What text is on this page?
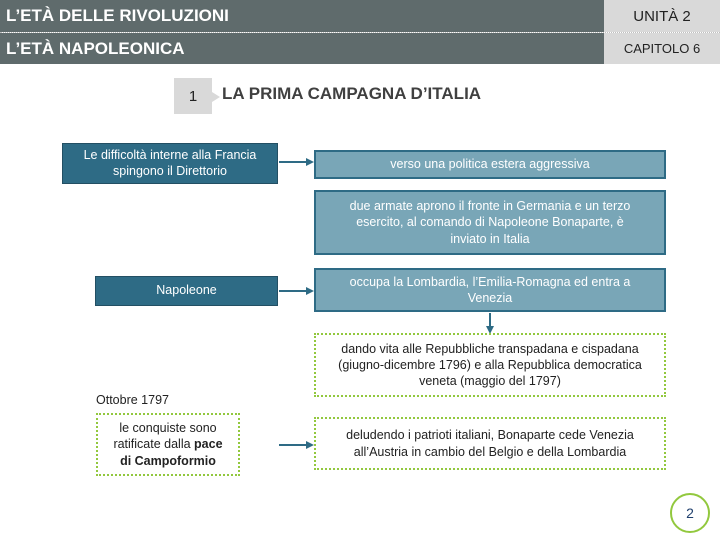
L’ETÀ DELLE RIVOLUZIONI	UNITÀ 2
L’ETÀ NAPOLEONICA	CAPITOLO 6
1 LA PRIMA CAMPAGNA D’ITALIA
Le difficoltà interne alla Francia spingono il Direttorio
Napoleone
Ottobre 1797
le conquiste sono ratificate dalla pace
di Campoformio
verso una politica estera aggressiva
due armate aprono il fronte in Germania e un terzo esercito, al comando di Napoleone Bonaparte, è inviato in Italia
occupa la Lombardia, l’Emilia-Romagna ed entra a Venezia
dando vita alle Repubbliche transpadana e cispadana (giugno-dicembre 1796) e alla Repubblica democratica veneta (maggio del 1797)
deludendo i patrioti italiani, Bonaparte cede Venezia all’Austria in cambio del Belgio e della Lombardia
2
